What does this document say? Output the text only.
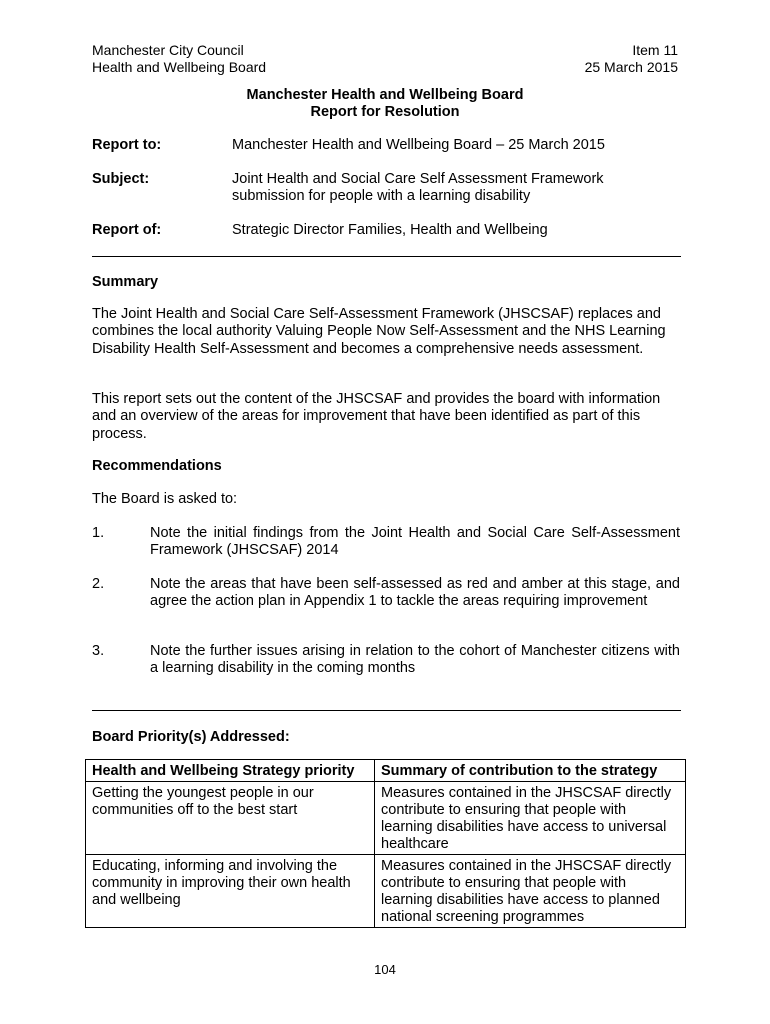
Manchester City Council
Health and Wellbeing Board
Item 11
25 March 2015
Manchester Health and Wellbeing Board
Report for Resolution
Report to:	Manchester Health and Wellbeing Board – 25 March 2015
Subject:	Joint Health and Social Care Self Assessment Framework submission for people with a learning disability
Report of:	Strategic Director Families, Health and Wellbeing
Summary
The Joint Health and Social Care Self-Assessment Framework (JHSCSAF) replaces and combines the local authority Valuing People Now Self-Assessment and the NHS Learning Disability Health Self-Assessment and becomes a comprehensive needs assessment.
This report sets out the content of the JHSCSAF and provides the board with information and an overview of the areas for improvement that have been identified as part of this process.
Recommendations
The Board is asked to:
1.	Note the initial findings from the Joint Health and Social Care Self-Assessment Framework (JHSCSAF) 2014
2.	Note the areas that have been self-assessed as red and amber at this stage, and agree the action plan in Appendix 1 to tackle the areas requiring improvement
3.	Note the further issues arising in relation to the cohort of Manchester citizens with a learning disability in the coming months
Board Priority(s) Addressed:
Health and Wellbeing Strategy priority	Summary of contribution to the strategy
Getting the youngest people in our communities off to the best start	Measures contained in the JHSCSAF directly contribute to ensuring that people with learning disabilities have access to universal healthcare
Educating, informing and involving the community in improving their own health and wellbeing	Measures contained in the JHSCSAF directly contribute to ensuring that people with learning disabilities have access to planned national screening programmes
104
